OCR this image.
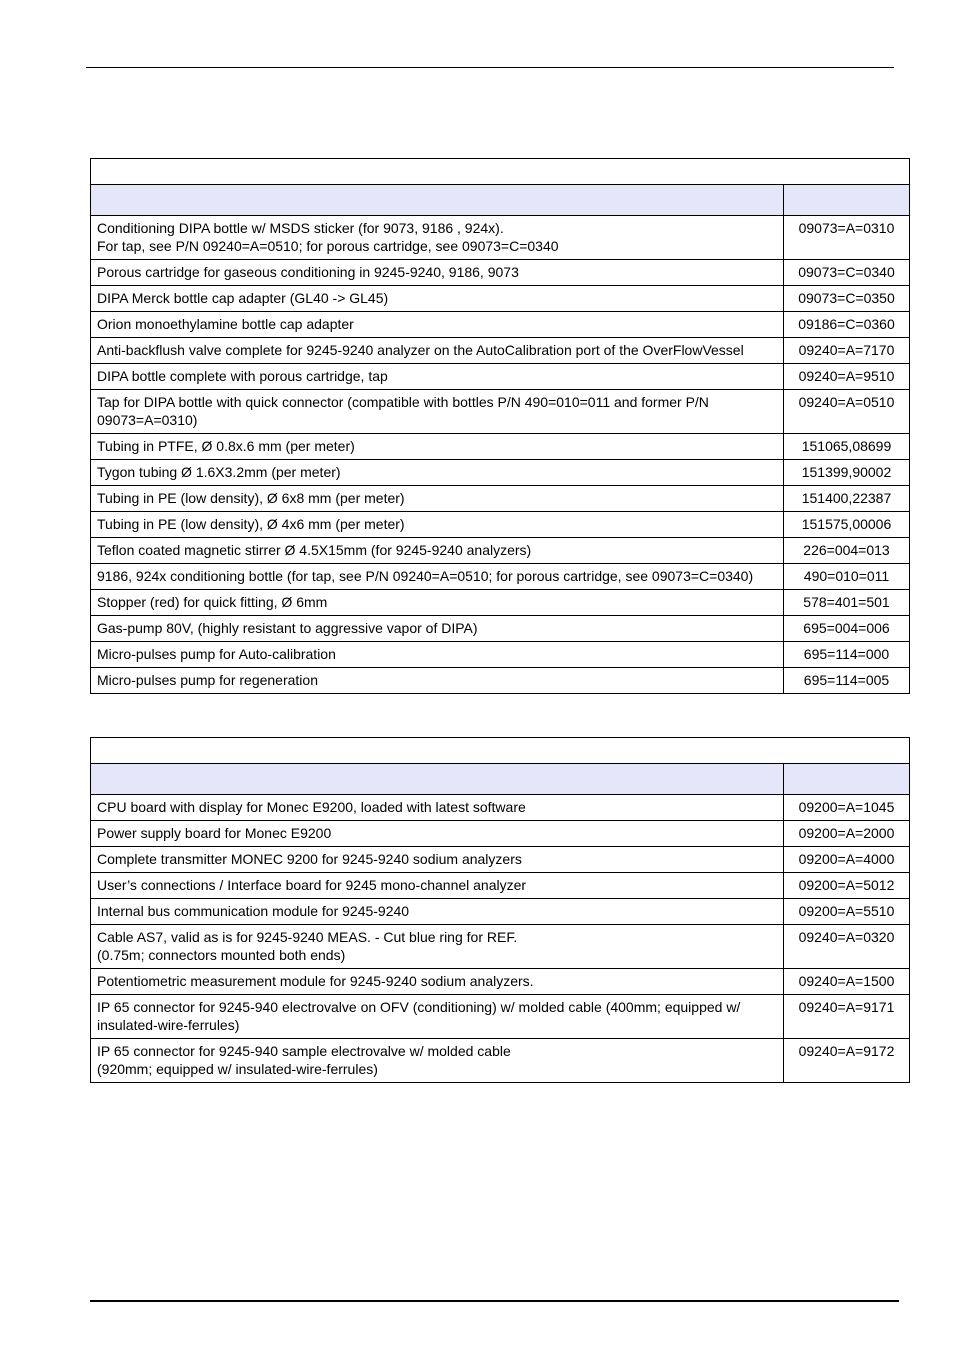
Conditioning DIPA bottle w/ MSDS sticker (for 9073, 9186 , 924x).
For tap, see P/N 09240=A=0510; for porous cartridge, see 09073=C=0340	09073=A=0310

Porous cartridge for gaseous conditioning in 9245-9240, 9186, 9073	09073=C=0340

DIPA Merck bottle cap adapter (GL40 -> GL45)	09073=C=0350

Orion monoethylamine bottle cap adapter	09186=C=0360

Anti-backflush valve complete for 9245-9240 analyzer on the AutoCalibration port of the OverFlowVessel	09240=A=7170

DIPA bottle complete with porous cartridge, tap	09240=A=9510

Tap for DIPA bottle with quick connector (compatible with bottles P/N 490=010=011 and former P/N
09073=A=0310)	09240=A=0510

Tubing in PTFE, Ø 0.8x.6 mm (per meter)	151065,08699

Tygon tubing Ø 1.6X3.2mm (per meter)	151399,90002

Tubing in PE (low density), Ø 6x8 mm (per meter)	151400,22387

Tubing in PE (low density), Ø 4x6 mm (per meter)	151575,00006

Teflon coated magnetic stirrer Ø 4.5X15mm (for 9245-9240 analyzers)	226=004=013

9186, 924x conditioning bottle (for tap, see P/N 09240=A=0510; for porous cartridge, see 09073=C=0340)	490=010=011

Stopper (red) for quick fitting, Ø 6mm	578=401=501

Gas-pump 80V, (highly resistant to aggressive vapor of DIPA)	695=004=006

Micro-pulses pump for Auto-calibration	695=114=000

Micro-pulses pump for regeneration	695=114=005

CPU board with display for Monec E9200, loaded with latest software	09200=A=1045

Power supply board for Monec E9200	09200=A=2000

Complete transmitter MONEC 9200 for 9245-9240 sodium analyzers	09200=A=4000

User’s connections / Interface board for 9245 mono-channel analyzer	09200=A=5012

Internal bus communication module for 9245-9240	09200=A=5510

Cable AS7, valid as is for 9245-9240 MEAS. - Cut blue ring for REF.
(0.75m; connectors mounted both ends)	09240=A=0320

Potentiometric measurement module for 9245-9240 sodium analyzers.	09240=A=1500

IP 65 connector for 9245-940 electrovalve on OFV (conditioning) w/ molded cable (400mm; equipped w/
insulated-wire-ferrules)	09240=A=9171

IP 65 connector for 9245-940 sample electrovalve w/ molded cable
(920mm; equipped w/ insulated-wire-ferrules)	09240=A=9172
